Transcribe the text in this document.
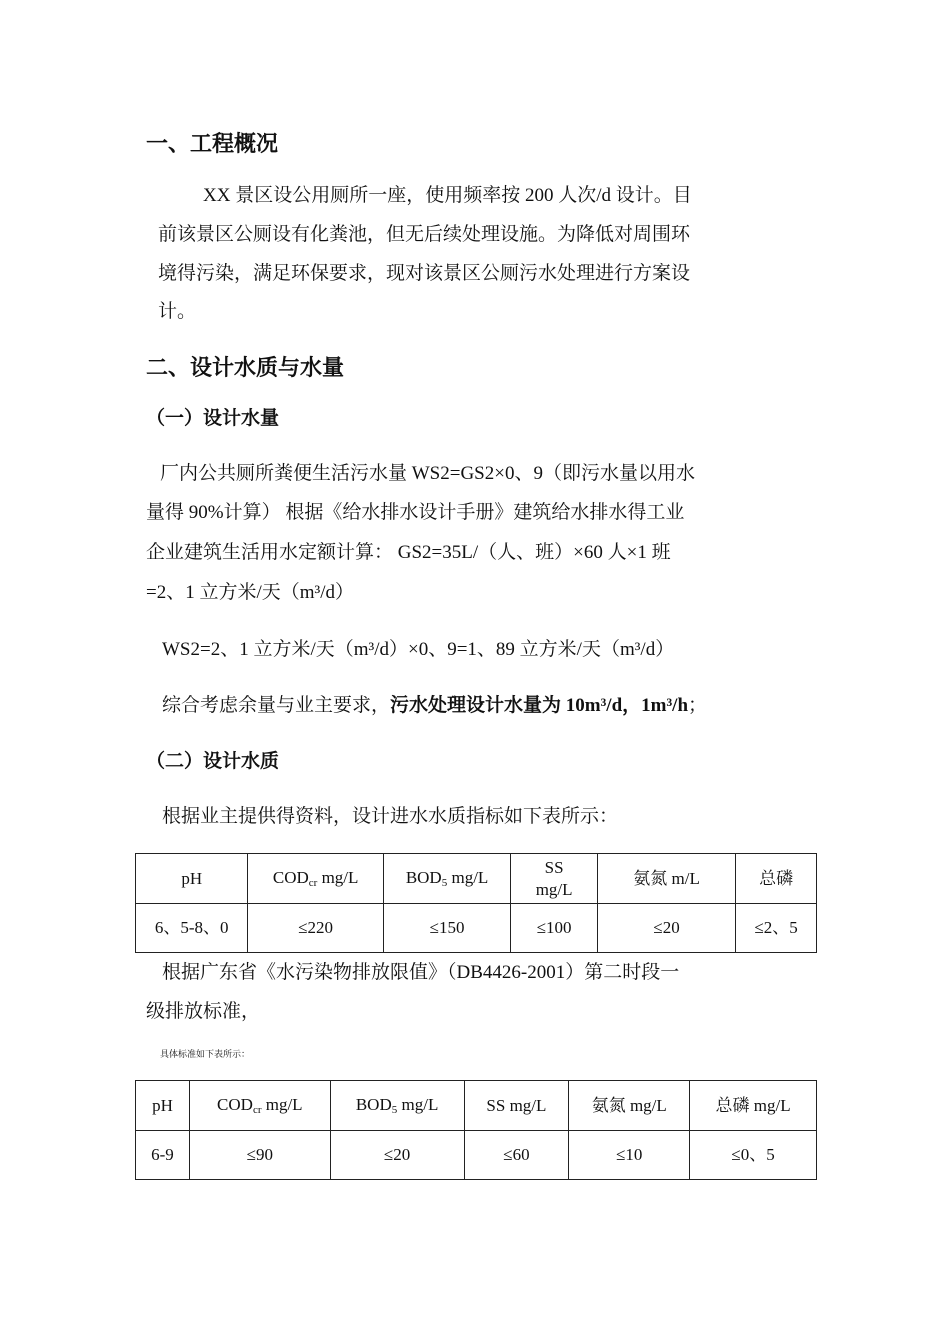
一、工程概况
XX 景区设公用厕所一座，使用频率按 200 人次/d 设计。目
前该景区公厕设有化粪池，但无后续处理设施。为降低对周围环
境得污染，满足环保要求，现对该景区公厕污水处理进行方案设
计。
二、设计水质与水量
（一）设计水量
厂内公共厕所粪便生活污水量 WS2=GS2×0、9（即污水量以用水
量得 90%计算） 根据《给水排水设计手册》建筑给水排水得工业
企业建筑生活用水定额计算： GS2=35L/（人、班）×60 人×1 班
=2、1 立方米/天（m³/d）
WS2=2、1 立方米/天（m³/d）×0、9=1、89 立方米/天（m³/d）
综合考虑余量与业主要求，污水处理设计水量为 10m³/d，1m³/h；
（二）设计水质
根据业主提供得资料，设计进水水质指标如下表所示：
pH	$COD_{cr}$ mg/L	$BOD_5$ mg/L	SS
mg/L	氨氮 m/L	总磷
6、5-8、0	≤220	≤150	≤100	≤20	≤2、5
根据广东省《水污染物排放限值》（DB4426-2001）第二时段一
级排放标准，
具体标准如下表所示：
pH	$COD_{cr}$ mg/L	$BOD_5$ mg/L	SS mg/L	氨氮 mg/L	总磷 mg/L
6-9	≤90	≤20	≤60	≤10	≤0、5
